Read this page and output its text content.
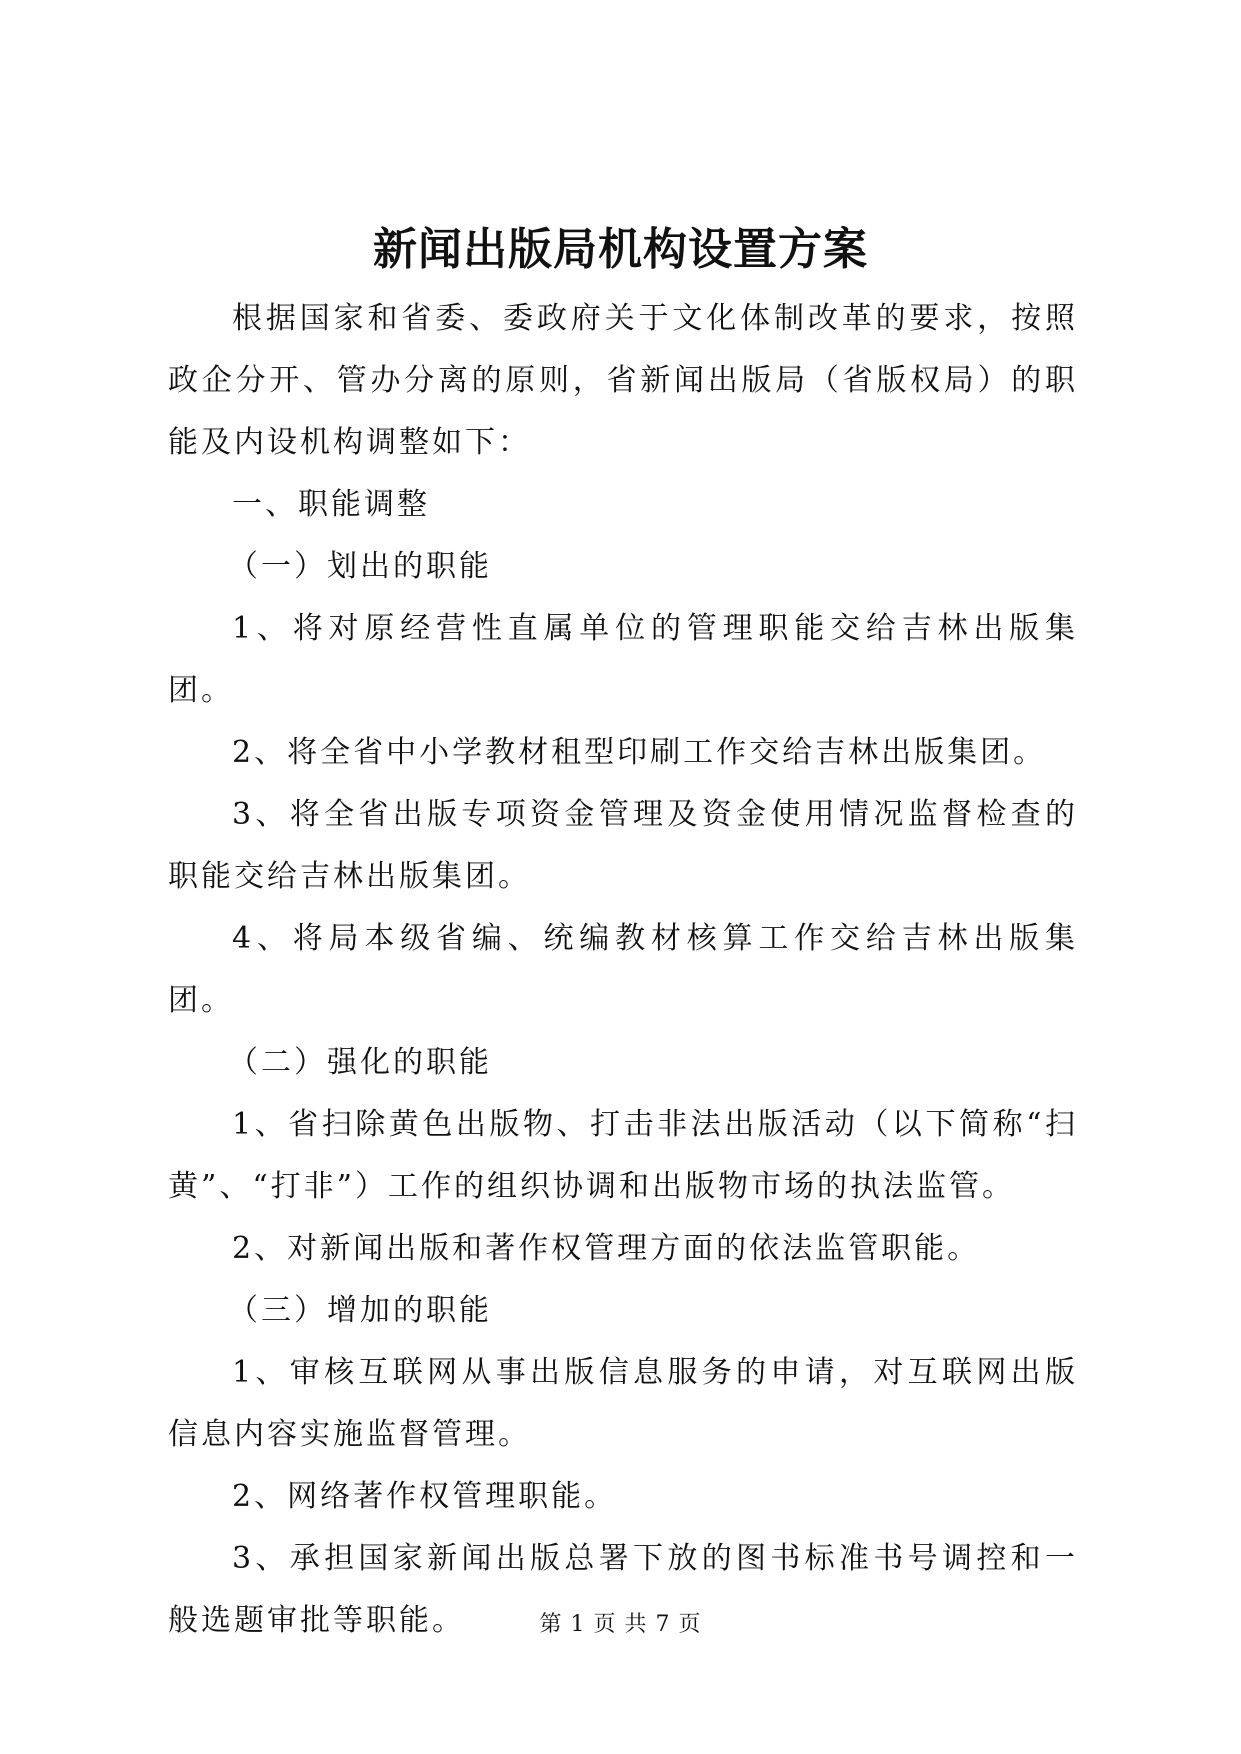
新闻出版局机构设置方案

根据国家和省委、委政府关于文化体制改革的要求，按照政企分开、管办分离的原则，省新闻出版局（省版权局）的职能及内设机构调整如下：

一、职能调整

（一）划出的职能

1、将对原经营性直属单位的管理职能交给吉林出版集团。

2、将全省中小学教材租型印刷工作交给吉林出版集团。

3、将全省出版专项资金管理及资金使用情况监督检查的职能交给吉林出版集团。

4、将局本级省编、统编教材核算工作交给吉林出版集团。

（二）强化的职能

1、省扫除黄色出版物、打击非法出版活动（以下简称“扫黄”、“打非”）工作的组织协调和出版物市场的执法监管。

2、对新闻出版和著作权管理方面的依法监管职能。

（三）增加的职能

1、审核互联网从事出版信息服务的申请，对互联网出版信息内容实施监督管理。

2、网络著作权管理职能。

3、承担国家新闻出版总署下放的图书标准书号调控和一般选题审批等职能。	第 1 页 共 7 页
